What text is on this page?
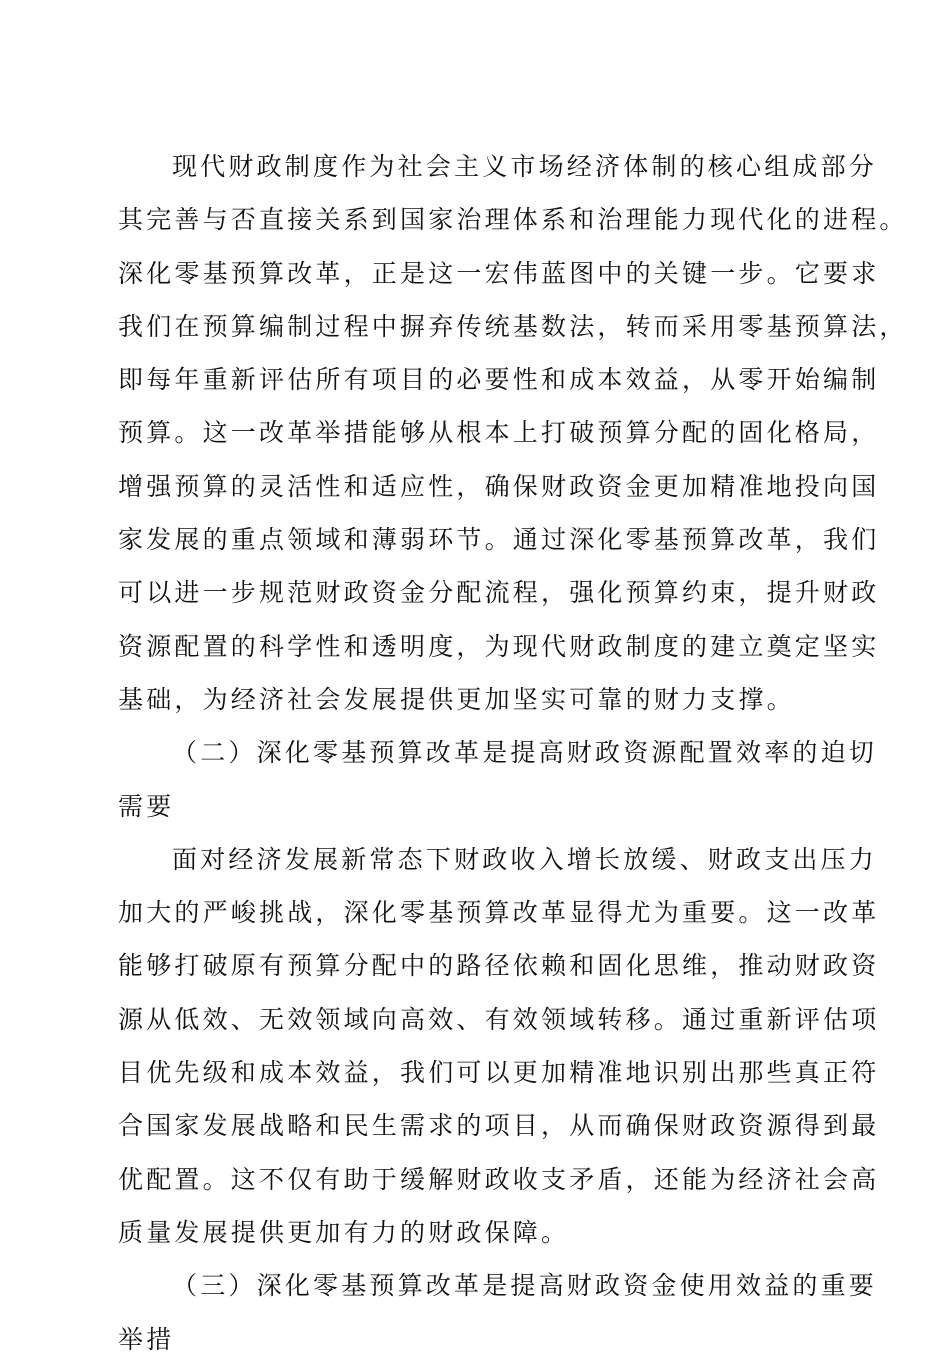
现代财政制度作为社会主义市场经济体制的核心组成部分
其完善与否直接关系到国家治理体系和治理能力现代化的进程。
深化零基预算改革，正是这一宏伟蓝图中的关键一步。它要求
我们在预算编制过程中摒弃传统基数法，转而采用零基预算法，
即每年重新评估所有项目的必要性和成本效益，从零开始编制
预算。这一改革举措能够从根本上打破预算分配的固化格局，
增强预算的灵活性和适应性，确保财政资金更加精准地投向国
家发展的重点领域和薄弱环节。通过深化零基预算改革，我们
可以进一步规范财政资金分配流程，强化预算约束，提升财政
资源配置的科学性和透明度，为现代财政制度的建立奠定坚实
基础，为经济社会发展提供更加坚实可靠的财力支撑。
（二）深化零基预算改革是提高财政资源配置效率的迫切
需要
面对经济发展新常态下财政收入增长放缓、财政支出压力
加大的严峻挑战，深化零基预算改革显得尤为重要。这一改革
能够打破原有预算分配中的路径依赖和固化思维，推动财政资
源从低效、无效领域向高效、有效领域转移。通过重新评估项
目优先级和成本效益，我们可以更加精准地识别出那些真正符
合国家发展战略和民生需求的项目，从而确保财政资源得到最
优配置。这不仅有助于缓解财政收支矛盾，还能为经济社会高
质量发展提供更加有力的财政保障。
（三）深化零基预算改革是提高财政资金使用效益的重要
举措
